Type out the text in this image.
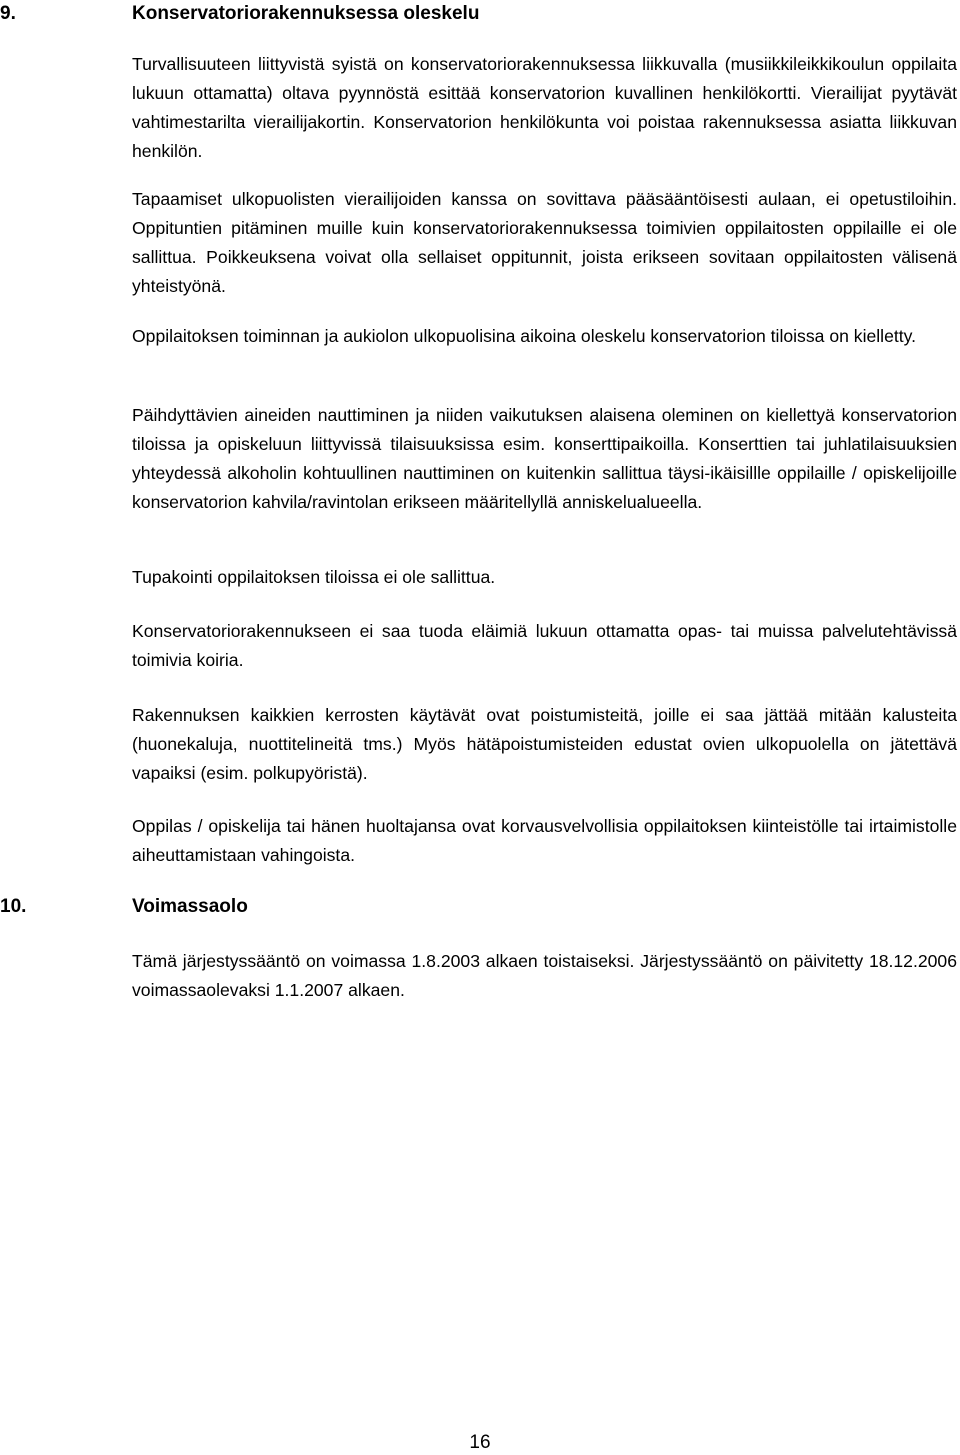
9.	Konservatoriorakennuksessa oleskelu

Turvallisuuteen liittyvistä syistä on konservatoriorakennuksessa liikkuvalla (musiikkileikkikoulun oppilaita lukuun ottamatta) oltava pyynnöstä esittää konservatorion kuvallinen henkilökortti. Vierailijat pyytävät vahtimestarilta vierailijakortin. Konservatorion henkilökunta voi poistaa rakennuksessa asiatta liikkuvan henkilön.

Tapaamiset ulkopuolisten vierailijoiden kanssa on sovittava pääsääntöisesti aulaan, ei opetustiloihin. Oppituntien pitäminen muille kuin konservatoriorakennuksessa toimivien oppilaitosten oppilaille ei ole sallittua. Poikkeuksena voivat olla sellaiset oppitunnit, joista erikseen sovitaan oppilaitosten välisenä yhteistyönä.

Oppilaitoksen toiminnan ja aukiolon ulkopuolisina aikoina oleskelu konservatorion tiloissa on kielletty.

Päihdyttävien aineiden nauttiminen ja niiden vaikutuksen alaisena oleminen on kiellettyä konservatorion tiloissa ja opiskeluun liittyvissä tilaisuuksissa esim. konserttipaikoilla. Konserttien tai juhlatilaisuuksien yhteydessä alkoholin kohtuullinen nauttiminen on kuitenkin sallittua täysi-ikäisillle oppilaille / opiskelijoille konservatorion kahvila/ravintolan erikseen määritellyllä anniskelualueella.

Tupakointi oppilaitoksen tiloissa ei ole sallittua.

Konservatoriorakennukseen ei saa tuoda eläimiä lukuun ottamatta opas- tai muissa palvelutehtävissä toimivia koiria.

Rakennuksen kaikkien kerrosten käytävät ovat poistumisteitä, joille ei saa jättää mitään kalusteita (huonekaluja, nuottitelineitä tms.) Myös hätäpoistumisteiden edustat ovien ulkopuolella on jätettävä vapaiksi (esim. polkupyöristä).

Oppilas / opiskelija tai hänen huoltajansa ovat korvausvelvollisia oppilaitoksen kiinteistölle tai irtaimistolle aiheuttamistaan vahingoista.

10.	Voimassaolo

Tämä järjestyssääntö on voimassa 1.8.2003 alkaen toistaiseksi. Järjestyssääntö on päivitetty 18.12.2006 voimassaolevaksi 1.1.2007 alkaen.

16
